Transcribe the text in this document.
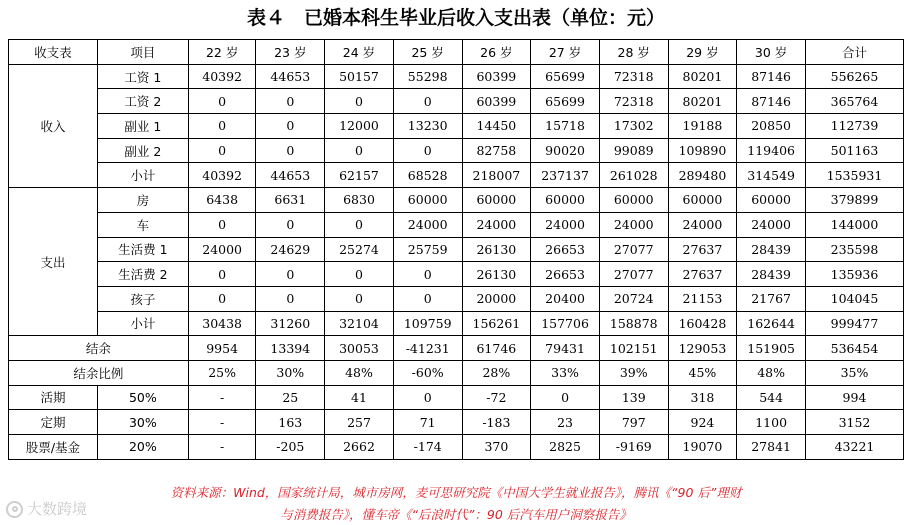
表４　已婚本科生毕业后收入支出表（单位：元）
收支表	项目	22 岁	23 岁	24 岁	25 岁	26 岁	27 岁	28 岁	29 岁	30 岁	合计
收入	工资 1	40392	44653	50157	55298	60399	65699	72318	80201	87146	556265
	工资 2	0	0	0	0	60399	65699	72318	80201	87146	365764
	副业 1	0	0	12000	13230	14450	15718	17302	19188	20850	112739
	副业 2	0	0	0	0	82758	90020	99089	109890	119406	501163
	小计	40392	44653	62157	68528	218007	237137	261028	289480	314549	1535931
支出	房	6438	6631	6830	60000	60000	60000	60000	60000	60000	379899
	车	0	0	0	24000	24000	24000	24000	24000	24000	144000
	生活费 1	24000	24629	25274	25759	26130	26653	27077	27637	28439	235598
	生活费 2	0	0	0	0	26130	26653	27077	27637	28439	135936
	孩子	0	0	0	0	20000	20400	20724	21153	21767	104045
	小计	30438	31260	32104	109759	156261	157706	158878	160428	162644	999477
结余		9954	13394	30053	-41231	61746	79431	102151	129053	151905	536454
结余比例		25%	30%	48%	-60%	28%	33%	39%	45%	48%	35%
活期	50%	-	25	41	0	-72	0	139	318	544	994
定期	30%	-	163	257	71	-183	23	797	924	1100	3152
股票/基金	20%	-	-205	2662	-174	370	2825	-9169	19070	27841	43221
资料来源：Wind，国家统计局，城市房网，麦可思研究院《中国大学生就业报告》，腾讯《“90 后”理财
与消费报告》，懂车帝《“后浪时代”：90 后汽车用户洞察报告》
大数跨境
